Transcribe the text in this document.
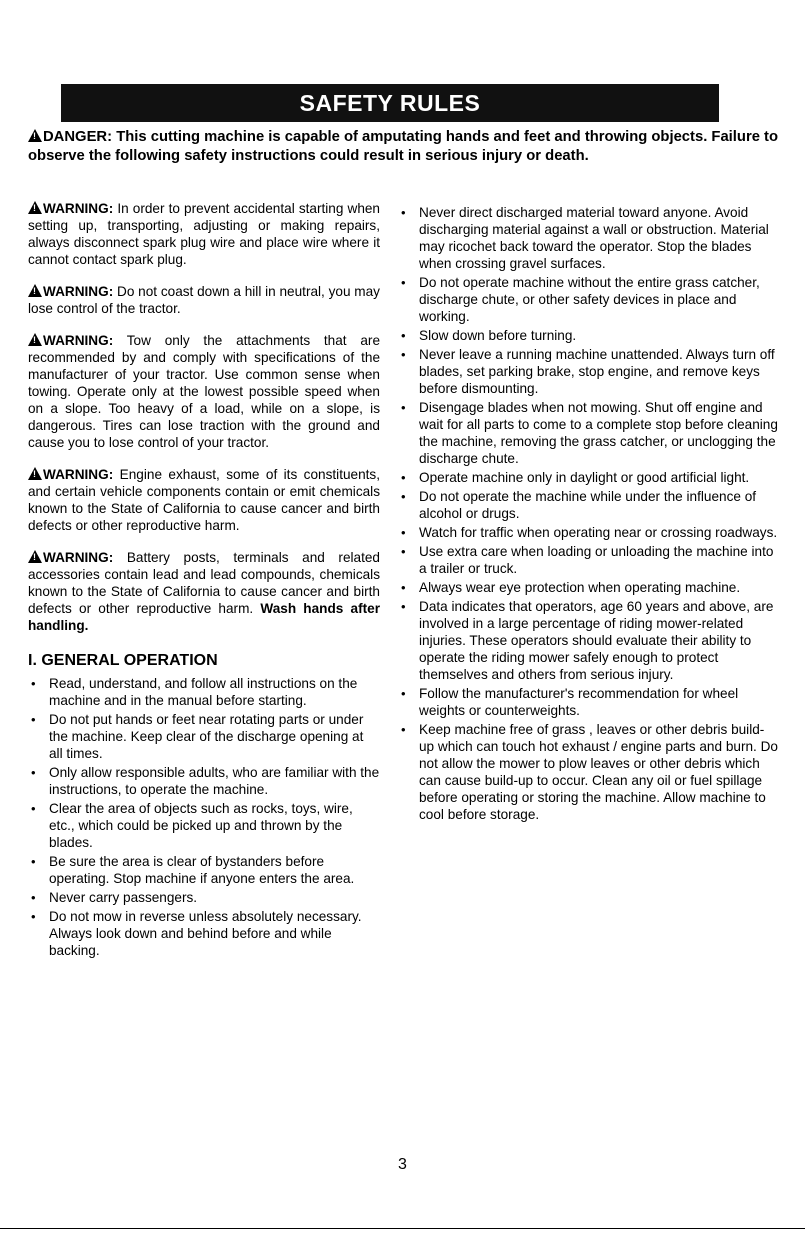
SAFETY RULES
!DANGER: This cutting machine is capable of amputating hands and feet and throwing objects. Failure to observe the following safety instructions could result in serious injury or death.

!WARNING: In order to prevent accidental starting when setting up, transporting, adjusting or making repairs, always disconnect spark plug wire and place wire where it cannot contact spark plug.

!WARNING: Do not coast down a hill in neutral, you may lose control of the tractor.

!WARNING: Tow only the attachments that are recommended by and comply with specifications of the manufacturer of your tractor. Use common sense when towing. Operate only at the lowest possible speed when on a slope. Too heavy of a load, while on a slope, is dangerous. Tires can lose traction with the ground and cause you to lose control of your tractor.

!WARNING: Engine exhaust, some of its constituents, and certain vehicle components contain or emit chemicals known to the State of California to cause cancer and birth defects or other reproductive harm.

!WARNING: Battery posts, terminals and related accessories contain lead and lead compounds, chemicals known to the State of California to cause cancer and birth defects or other reproductive harm. Wash hands after handling.

I. GENERAL OPERATION
• Read, understand, and follow all instructions on the machine and in the manual before starting.
• Do not put hands or feet near rotating parts or under the machine. Keep clear of the discharge opening at all times.
• Only allow responsible adults, who are familiar with the instructions, to operate the machine.
• Clear the area of objects such as rocks, toys, wire, etc., which could be picked up and thrown by the blades.
• Be sure the area is clear of bystanders before operating. Stop machine if anyone enters the area.
• Never carry passengers.
• Do not mow in reverse unless absolutely necessary. Always look down and behind before and while backing.
• Never direct discharged material toward anyone. Avoid discharging material against a wall or obstruction. Material may ricochet back toward the operator. Stop the blades when crossing gravel surfaces.
• Do not operate machine without the entire grass catcher, discharge chute, or other safety devices in place and working.
• Slow down before turning.
• Never leave a running machine unattended. Always turn off blades, set parking brake, stop engine, and remove keys before dismounting.
• Disengage blades when not mowing. Shut off engine and wait for all parts to come to a complete stop before cleaning the machine, removing the grass catcher, or unclogging the discharge chute.
• Operate machine only in daylight or good artificial light.
• Do not operate the machine while under the influence of alcohol or drugs.
• Watch for traffic when operating near or crossing roadways.
• Use extra care when loading or unloading the machine into a trailer or truck.
• Always wear eye protection when operating machine.
• Data indicates that operators, age 60 years and above, are involved in a large percentage of riding mower-related injuries. These operators should evaluate their ability to operate the riding mower safely enough to protect themselves and others from serious injury.
• Follow the manufacturer's recommendation for wheel weights or counterweights.
• Keep machine free of grass , leaves or other debris build-up which can touch hot exhaust / engine parts and burn. Do not allow the mower to plow leaves or other debris which can cause build-up to occur. Clean any oil or fuel spillage before operating or storing the machine. Allow machine to cool before storage.
3
